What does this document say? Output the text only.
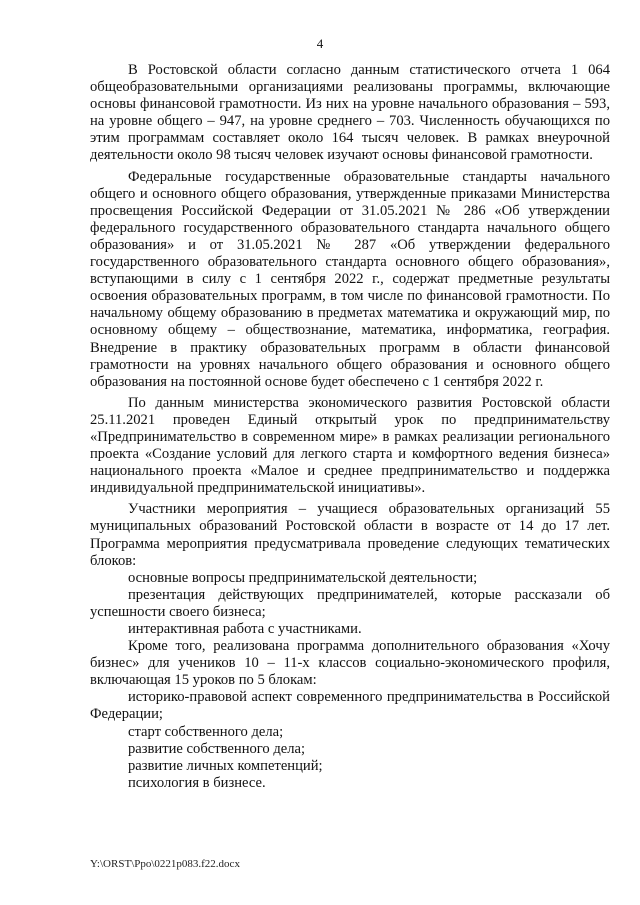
4

В Ростовской области согласно данным статистического отчета 1 064 общеобразовательными организациями реализованы программы, включающие основы финансовой грамотности. Из них на уровне начального образования – 593, на уровне общего – 947, на уровне среднего – 703. Численность обучающихся по этим программам составляет около 164 тысяч человек. В рамках внеурочной деятельности около 98 тысяч человек изучают основы финансовой грамотности.

Федеральные государственные образовательные стандарты начального общего и основного общего образования, утвержденные приказами Министерства просвещения Российской Федерации от 31.05.2021 № 286 «Об утверждении федерального государственного образовательного стандарта начального общего образования» и от 31.05.2021 № 287 «Об утверждении федерального государственного образовательного стандарта основного общего образования», вступающими в силу с 1 сентября 2022 г., содержат предметные результаты освоения образовательных программ, в том числе по финансовой грамотности. По начальному общему образованию в предметах математика и окружающий мир, по основному общему – обществознание, математика, информатика, география. Внедрение в практику образовательных программ в области финансовой грамотности на уровнях начального общего образования и основного общего образования на постоянной основе будет обеспечено с 1 сентября 2022 г.

По данным министерства экономического развития Ростовской области 25.11.2021 проведен Единый открытый урок по предпринимательству «Предпринимательство в современном мире» в рамках реализации регионального проекта «Создание условий для легкого старта и комфортного ведения бизнеса» национального проекта «Малое и среднее предпринимательство и поддержка индивидуальной предпринимательской инициативы».

Участники мероприятия – учащиеся образовательных организаций 55 муниципальных образований Ростовской области в возрасте от 14 до 17 лет. Программа мероприятия предусматривала проведение следующих тематических блоков:

основные вопросы предпринимательской деятельности;

презентация действующих предпринимателей, которые рассказали об успешности своего бизнеса;

интерактивная работа с участниками.

Кроме того, реализована программа дополнительного образования «Хочу бизнес» для учеников 10 – 11-х классов социально-экономического профиля, включающая 15 уроков по 5 блокам:

историко-правовой аспект современного предпринимательства в Российской Федерации;

старт собственного дела;

развитие собственного дела;

развитие личных компетенций;

психология в бизнесе.

Y:\ORST\Ppo\0221p083.f22.docx
